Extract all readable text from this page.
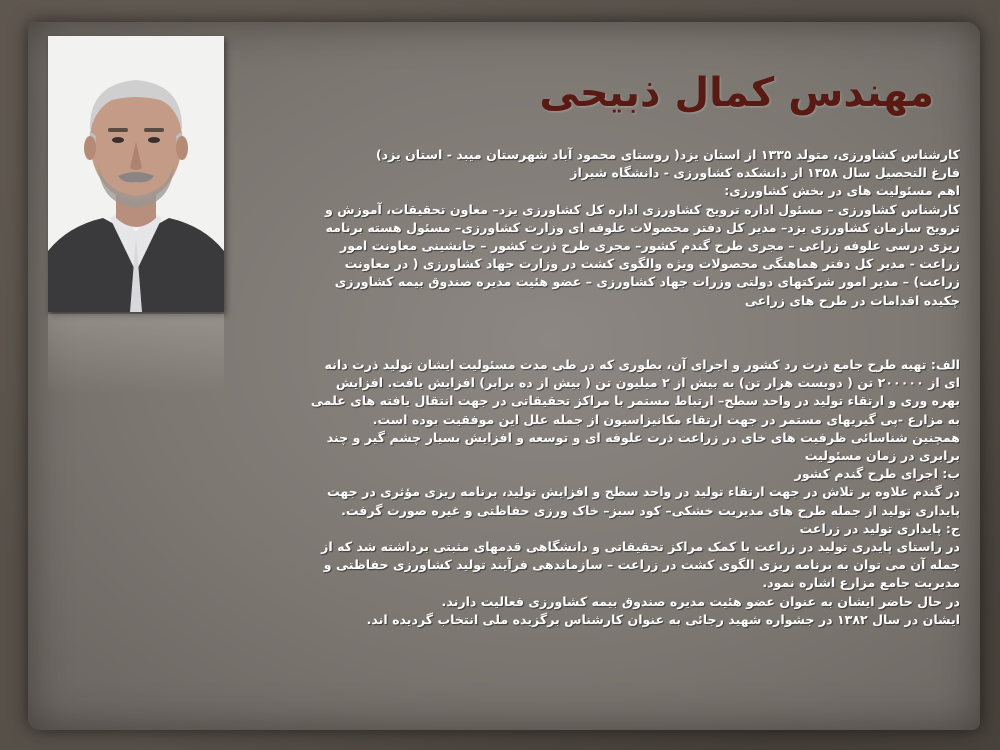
مهندس کمال ذبیحی
کارشناس کشاورزی، متولد ۱۳۳۵ از استان یزد( روستای محمود آباد شهرستان میبد - استان یزد)
فارغ التحصیل سال ۱۳۵۸ از دانشکده کشاورزی - دانشگاه شیراز
اهم مسئولیت های در بخش کشاورزی:
کارشناس کشاورزی – مسئول اداره ترویج کشاورزی اداره کل کشاورزی یزد– معاون تحقیقات، آموزش و
ترویج سازمان کشاورزی یزد– مدیر کل دفتر محصولات علوفه ای وزارت کشاورزی– مسئول هسته برنامه
ریزی درسی علوفه زراعی – مجری طرح گندم کشور– مجری طرح ذرت کشور – جانشینی معاونت امور
زراعت - مدیر کل دفتر هماهنگی محصولات ویژه والگوی کشت در وزارت جهاد کشاورزی ( در معاونت
زراعت) – مدیر امور شرکتهای دولتی وزرات جهاد کشاورزی – عضو هئیت مدیره صندوق بیمه کشاورزی
چکیده اقدامات در طرح های زراعی
الف: تهیه طرح جامع ذرت رد کشور و اجرای آن، بطوری که در طی مدت مسئولیت ایشان تولید ذرت دانه
ای از ۲۰۰۰۰۰ تن ( دویست هزار تن) به بیش از ۲ میلیون تن ( بیش از ده برابر) افزایش یافت. افزایش
بهره وری و ارتقاء تولید در واحد سطح– ارتباط مستمر با مراکز تحقیقاتی در جهت انتقال یافته های علمی
به مزارع -پی گیریهای مستمر در جهت ارتقاء مکانیزاسیون از جمله علل این موفقیت بوده است.
همچنین شناسائی ظرفیت های خای در زراعت ذرت علوفه ای و توسعه و افزایش بسیار چشم گیر و چند
برابری در زمان مسئولیت
ب: اجرای طرح گندم کشور
در گندم علاوه بر تلاش در جهت ارتقاء تولید در واحد سطح و افزایش تولید، برنامه ریزی مؤثری در جهت
پایداری تولید از جمله طرح های مدیریت خشکی– کود سبز– خاک ورزی حفاظتی و غیره صورت گرفت.
ج: پایداری تولید در زراعت
در راستای پایدری تولید در زراعت با کمک مراکز تحقیقاتی و دانشگاهی قدمهای مثبتی برداشته شد که از
جمله آن می توان به برنامه ریزی الگوی کشت در زراعت – سازماندهی فرآیند تولید کشاورزی حفاظتی و
مدیریت جامع مزارع اشاره نمود.
در حال حاضر ایشان به عنوان عضو هئیت مدیره صندوق بیمه کشاورزی فعالیت دارند.
ایشان در سال ۱۳۸۲ در جشواره شهید رجائی به عنوان کارشناس برگزیده ملی انتخاب گردیده اند.
